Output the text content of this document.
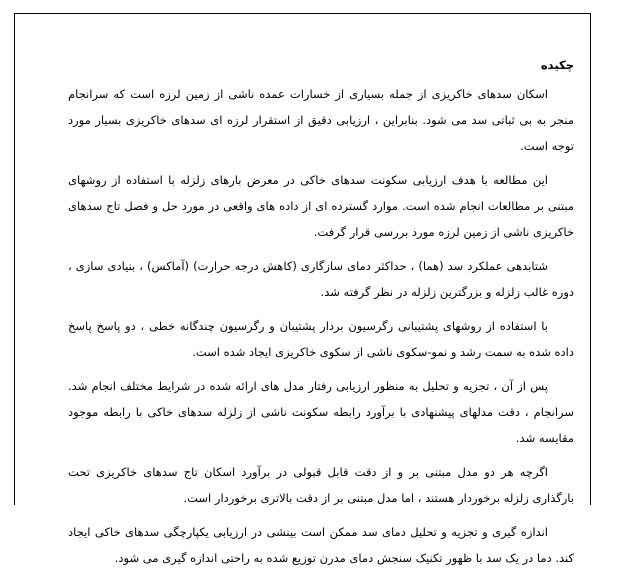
چکیده

اسکان سدهای خاکریزی از جمله بسیاری از خسارات عمده ناشی از زمین لرزه است که سرانجام منجر به بی ثباتی سد می شود. بنابراین ، ارزیابی دقیق از استقرار لرزه ای سدهای خاکریزی بسیار مورد توجه است.

این مطالعه با هدف ارزیابی سکونت سدهای خاکی در معرض بارهای زلزله با استفاده از روشهای مبتنی بر مطالعات انجام شده است. موارد گسترده ای از داده های واقعی در مورد حل و فصل تاج سدهای خاکریزی ناشی از زمین لرزه مورد بررسی قرار گرفت.

شتابدهی عملکرد سد (هما) ، حداکثر دمای سازگاری (کاهش درجه حرارت) (آماکس) ، بنیادی سازی ، دوره غالب زلزله و بزرگترین زلزله در نظر گرفته شد.

با استفاده از روشهای پشتیبانی رگرسیون بردار پشتیبان و رگرسیون چندگانه خطی ، دو پاسخ پاسخ داده شده به سمت رشد و نمو-سکوی ناشی از سکوی خاکریزی ایجاد شده است.

پس از آن ، تجزیه و تحلیل به منظور ارزیابی رفتار مدل های ارائه شده در شرایط مختلف انجام شد. سرانجام ، دقت مدلهای پیشنهادی با برآورد رابطه سکونت ناشی از زلزله سدهای خاکی با رابطه موجود مقایسه شد.

اگرچه هر دو مدل مبتنی بر و از دقت قابل قبولی در برآورد اسکان تاج سدهای خاکریزی تحت بارگذاری زلزله برخوردار هستند ، اما مدل مبتنی بر از دقت بالاتری برخوردار است.

اندازه گیری و تجزیه و تحلیل دمای سد ممکن است بینشی در ارزیابی یکپارچگی سدهای خاکی ایجاد کند. دما در یک سد با ظهور تکنیک سنجش دمای مدرن توزیع شده به راحتی اندازه گیری می شود.
